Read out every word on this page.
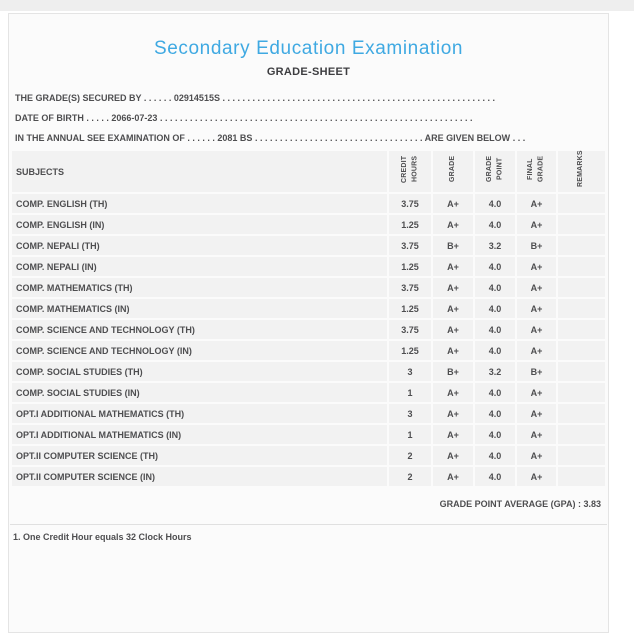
Secondary Education Examination
GRADE-SHEET
THE GRADE(S) SECURED BY . . . . . . 02914515S . . . . . . . . . . . . . . . . . . . . . . . . . . . . . . . . . . . . . . . . . . . . . . . . . . . . . . .
DATE OF BIRTH . . . . . 2066-07-23 . . . . . . . . . . . . . . . . . . . . . . . . . . . . . . . . . . . . . . . . . . . . . . . . . . . . . . . . . . . . . . .
IN THE ANNUAL SEE EXAMINATION OF . . . . . . 2081 BS . . . . . . . . . . . . . . . . . . . . . . . . . . . . . . . . . . ARE GIVEN BELOW . . .
SUBJECTS	CREDIT HOURS	GRADE	GRADE POINT	FINAL GRADE	REMARKS
COMP. ENGLISH (TH)	3.75	A+	4.0	A+	
COMP. ENGLISH (IN)	1.25	A+	4.0	A+	
COMP. NEPALI (TH)	3.75	B+	3.2	B+	
COMP. NEPALI (IN)	1.25	A+	4.0	A+	
COMP. MATHEMATICS (TH)	3.75	A+	4.0	A+	
COMP. MATHEMATICS (IN)	1.25	A+	4.0	A+	
COMP. SCIENCE AND TECHNOLOGY (TH)	3.75	A+	4.0	A+	
COMP. SCIENCE AND TECHNOLOGY (IN)	1.25	A+	4.0	A+	
COMP. SOCIAL STUDIES (TH)	3	B+	3.2	B+	
COMP. SOCIAL STUDIES (IN)	1	A+	4.0	A+	
OPT.I ADDITIONAL MATHEMATICS (TH)	3	A+	4.0	A+	
OPT.I ADDITIONAL MATHEMATICS (IN)	1	A+	4.0	A+	
OPT.II COMPUTER SCIENCE (TH)	2	A+	4.0	A+	
OPT.II COMPUTER SCIENCE (IN)	2	A+	4.0	A+	
GRADE POINT AVERAGE (GPA) : 3.83
1. One Credit Hour equals 32 Clock Hours
